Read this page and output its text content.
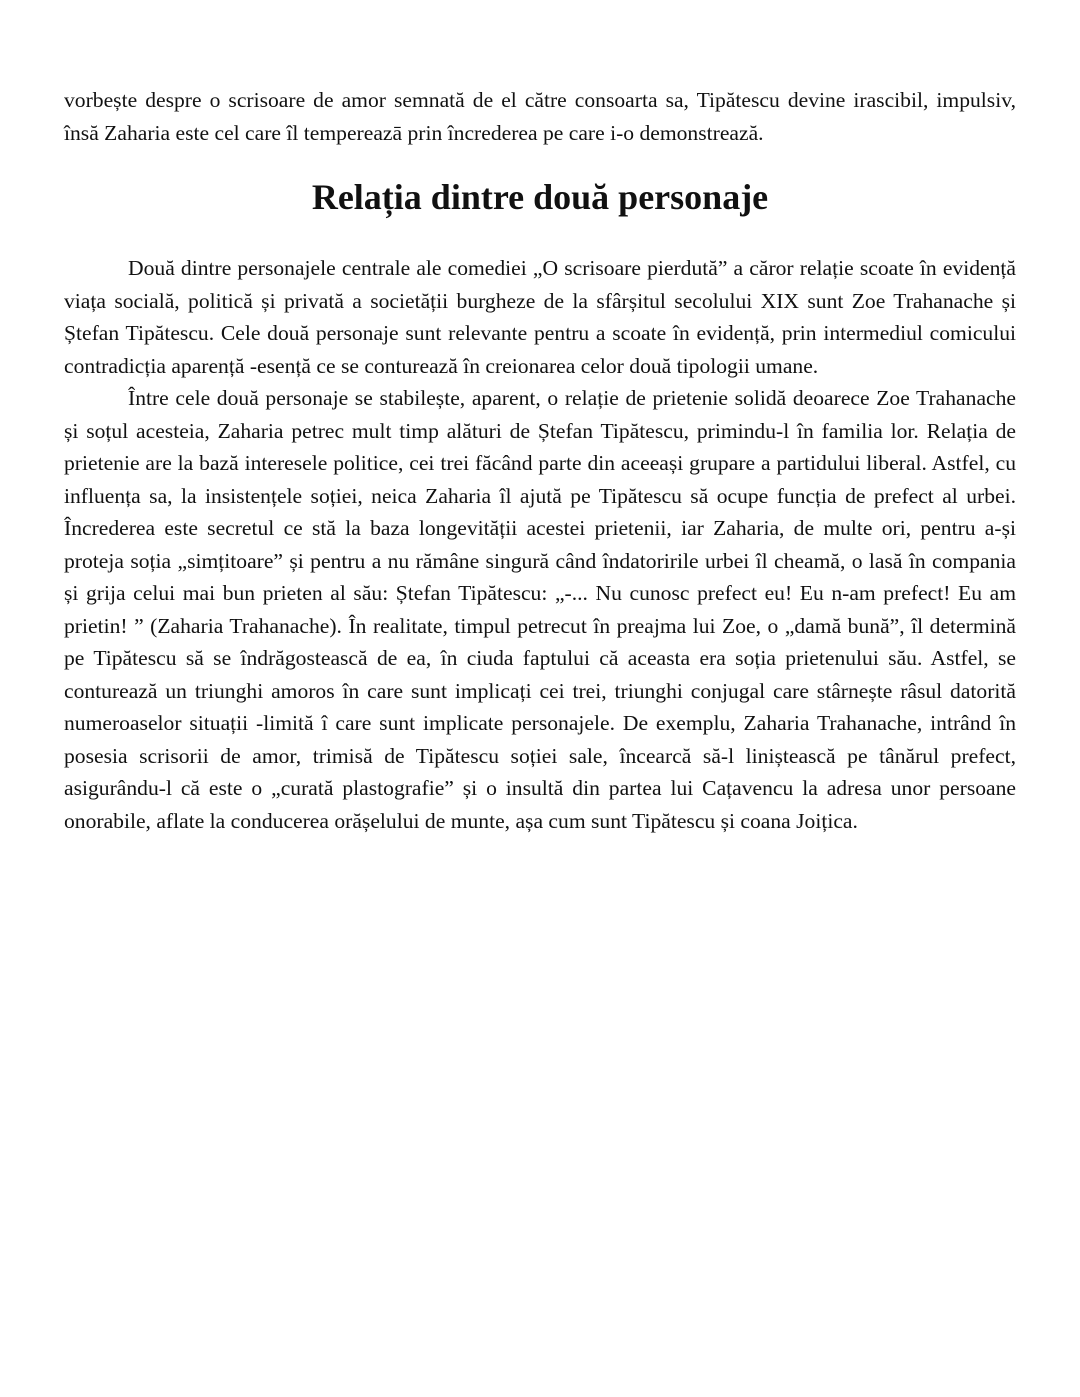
vorbește despre o scrisoare de amor semnată de el către consoarta sa, Tipătescu devine irascibil, impulsiv, însă Zaharia este cel care îl tempereazā prin încrederea pe care i-o demonstrează.

Relația dintre două personaje

Două dintre personajele centrale ale comediei „O scrisoare pierdută” a căror relație scoate în evidență viața socială, politică și privată a societății burgheze de la sfârșitul secolului XIX sunt Zoe Trahanache și Ștefan Tipătescu. Cele două personaje sunt relevante pentru a scoate în evidență, prin intermediul comicului contradicția aparență -esență ce se conturează în creionarea celor două tipologii umane.

Între cele două personaje se stabilește, aparent, o relație de prietenie solidă deoarece Zoe Trahanache și soțul acesteia, Zaharia petrec mult timp alături de Ștefan Tipătescu, primindu-l în familia lor. Relația de prietenie are la bază interesele politice, cei trei făcând parte din aceeași grupare a partidului liberal. Astfel, cu influența sa, la insistențele soției, neica Zaharia îl ajută pe Tipătescu să ocupe funcția de prefect al urbei. Încrederea este secretul ce stă la baza longevității acestei prietenii, iar Zaharia, de multe ori, pentru a-și proteja soția „simțitoare” și pentru a nu rămâne singură când îndatoririle urbei îl cheamă, o lasă în compania și grija celui mai bun prieten al său: Ștefan Tipătescu: „-... Nu cunosc prefect eu! Eu n-am prefect! Eu am prietin! ” (Zaharia Trahanache). În realitate, timpul petrecut în preajma lui Zoe, o „damă bună”, îl determină pe Tipătescu să se îndrăgostească de ea, în ciuda faptului că aceasta era soția prietenului său. Astfel, se conturează un triunghi amoros în care sunt implicați cei trei, triunghi conjugal care stârnește râsul datorită numeroaselor situații -limită î care sunt implicate personajele. De exemplu, Zaharia Trahanache, intrând în posesia scrisorii de amor, trimisă de Tipătescu soției sale, încearcă să-l liniștească pe tânărul prefect, asigurându-l că este o „curată plastografie” și o insultă din partea lui Cațavencu la adresa unor persoane onorabile, aflate la conducerea orășelului de munte, așa cum sunt Tipătescu și coana Joițica.
